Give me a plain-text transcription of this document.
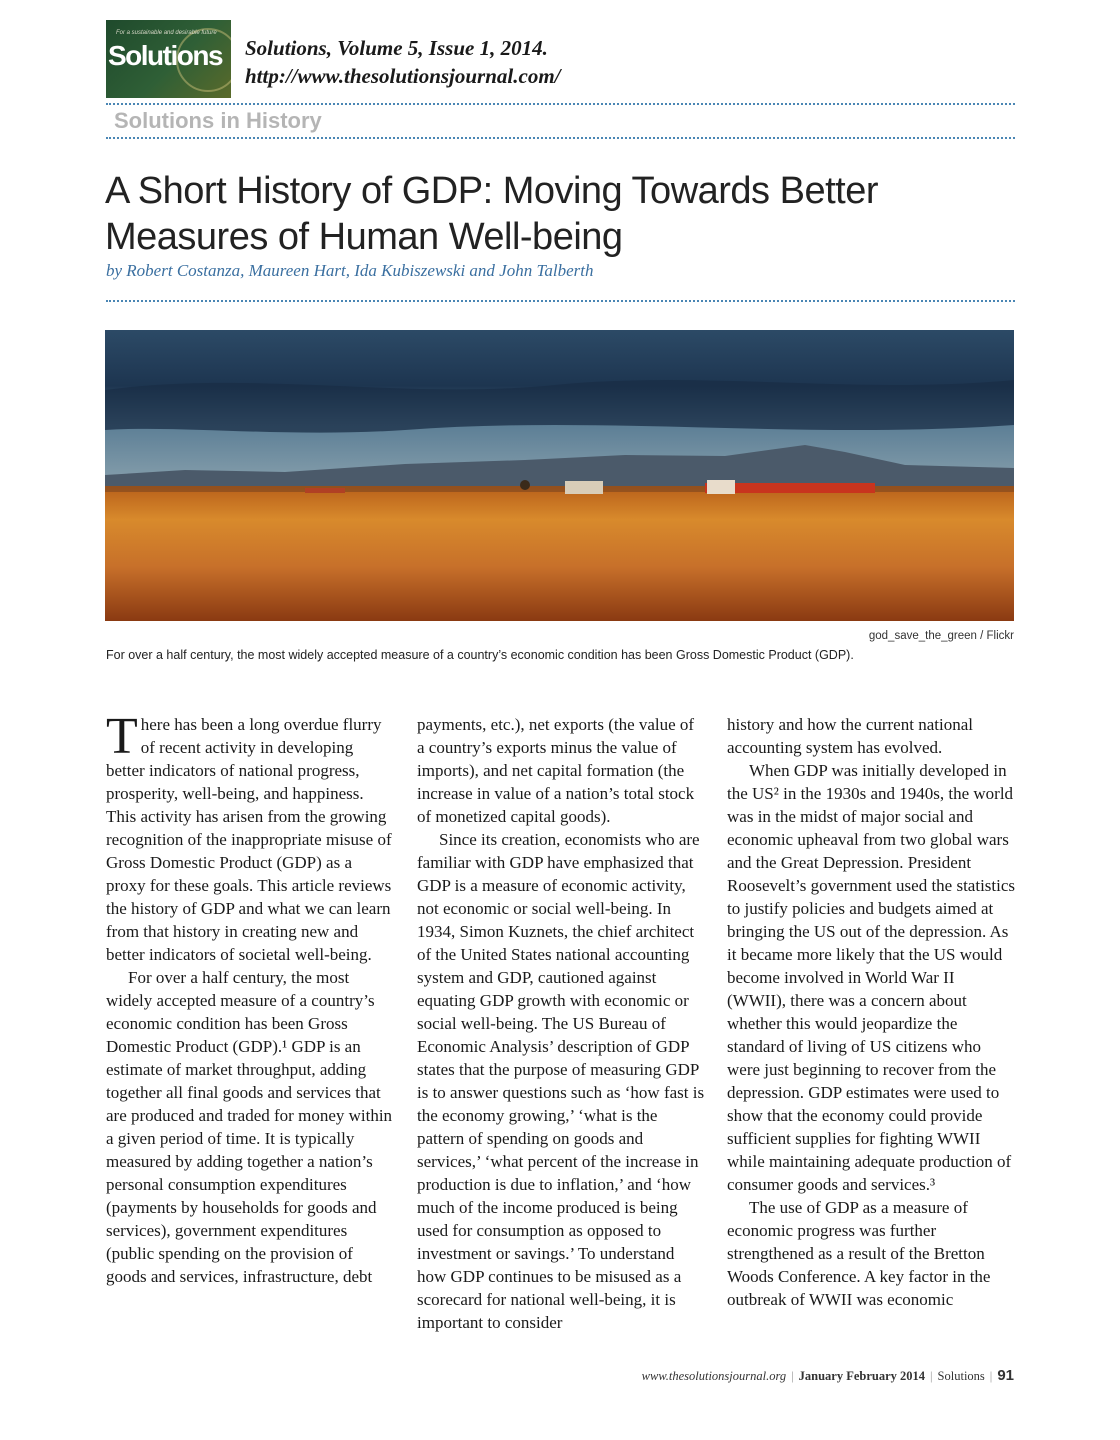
For a sustainable and desirable future
Solutions Solutions, Volume 5, Issue 1, 2014.
http://www.thesolutionsjournal.com/
Solutions in History
A Short History of GDP: Moving Towards Better Measures of Human Well-being
by Robert Costanza, Maureen Hart, Ida Kubiszewski and John Talberth
god_save_the_green / Flickr
For over a half century, the most widely accepted measure of a country’s economic condition has been Gross Domestic Product (GDP).

There has been a long overdue flurry of recent activity in developing better indicators of national progress, prosperity, well-being, and happiness. This activity has arisen from the growing recognition of the inappropriate misuse of Gross Domestic Product (GDP) as a proxy for these goals. This article reviews the history of GDP and what we can learn from that history in creating new and better indicators of societal well-being.

For over a half century, the most widely accepted measure of a country’s economic condition has been Gross Domestic Product (GDP).¹ GDP is an estimate of market throughput, adding together all final goods and services that are produced and traded for money within a given period of time. It is typically measured by adding together a nation’s personal consumption expenditures (payments by households for goods and services), government expenditures (public spending on the provision of goods and services, infrastructure, debt

payments, etc.), net exports (the value of a country’s exports minus the value of imports), and net capital formation (the increase in value of a nation’s total stock of monetized capital goods).

Since its creation, economists who are familiar with GDP have emphasized that GDP is a measure of economic activity, not economic or social well-being. In 1934, Simon Kuznets, the chief architect of the United States national accounting system and GDP, cautioned against equating GDP growth with economic or social well-being. The US Bureau of Economic Analysis’ description of GDP states that the purpose of measuring GDP is to answer questions such as ‘how fast is the economy growing,’ ‘what is the pattern of spending on goods and services,’ ‘what percent of the increase in production is due to inflation,’ and ‘how much of the income produced is being used for consumption as opposed to investment or savings.’ To understand how GDP continues to be misused as a scorecard for national well-being, it is important to consider

history and how the current national accounting system has evolved.

When GDP was initially developed in the US² in the 1930s and 1940s, the world was in the midst of major social and economic upheaval from two global wars and the Great Depression. President Roosevelt’s government used the statistics to justify policies and budgets aimed at bringing the US out of the depression. As it became more likely that the US would become involved in World War II (WWII), there was a concern about whether this would jeopardize the standard of living of US citizens who were just beginning to recover from the depression. GDP estimates were used to show that the economy could provide sufficient supplies for fighting WWII while maintaining adequate production of consumer goods and services.³

The use of GDP as a measure of economic progress was further strengthened as a result of the Bretton Woods Conference. A key factor in the outbreak of WWII was economic

www.thesolutionsjournal.org | January February 2014 | Solutions | 91
